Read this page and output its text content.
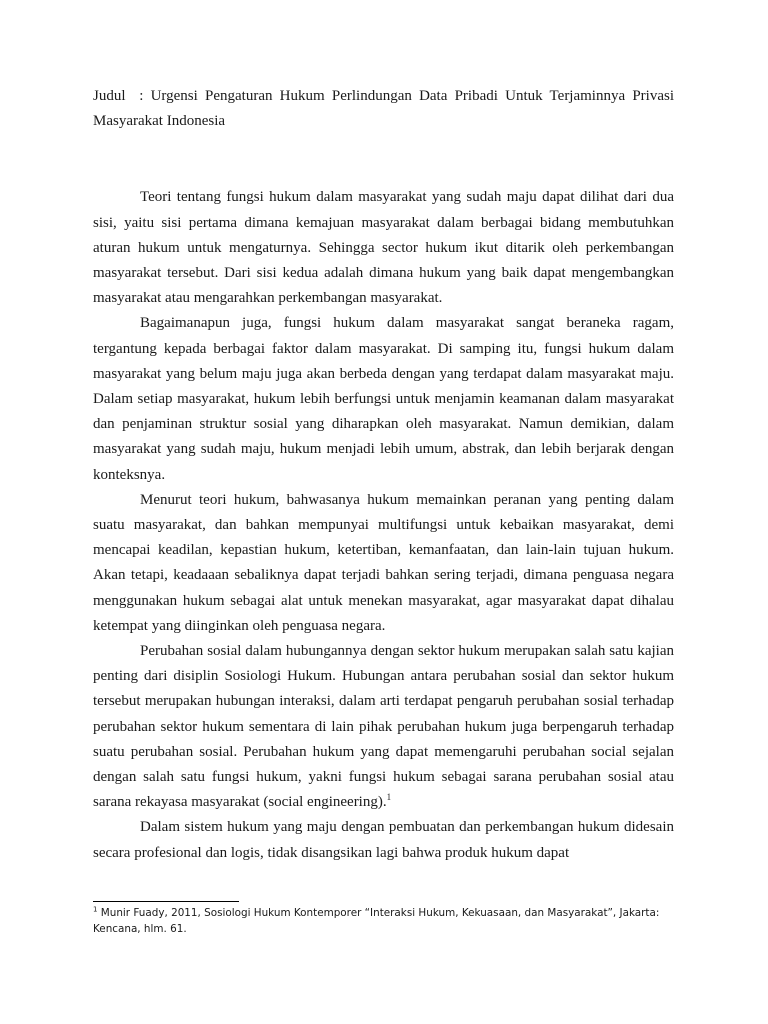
Judul : Urgensi Pengaturan Hukum Perlindungan Data Pribadi Untuk Terjaminnya Privasi Masyarakat Indonesia

Teori tentang fungsi hukum dalam masyarakat yang sudah maju dapat dilihat dari dua sisi, yaitu sisi pertama dimana kemajuan masyarakat dalam berbagai bidang membutuhkan aturan hukum untuk mengaturnya. Sehingga sector hukum ikut ditarik oleh perkembangan masyarakat tersebut. Dari sisi kedua adalah dimana hukum yang baik dapat mengembangkan masyarakat atau mengarahkan perkembangan masyarakat.

Bagaimanapun juga, fungsi hukum dalam masyarakat sangat beraneka ragam, tergantung kepada berbagai faktor dalam masyarakat. Di samping itu, fungsi hukum dalam masyarakat yang belum maju juga akan berbeda dengan yang terdapat dalam masyarakat maju. Dalam setiap masyarakat, hukum lebih berfungsi untuk menjamin keamanan dalam masyarakat dan penjaminan struktur sosial yang diharapkan oleh masyarakat. Namun demikian, dalam masyarakat yang sudah maju, hukum menjadi lebih umum, abstrak, dan lebih berjarak dengan konteksnya.

Menurut teori hukum, bahwasanya hukum memainkan peranan yang penting dalam suatu masyarakat, dan bahkan mempunyai multifungsi untuk kebaikan masyarakat, demi mencapai keadilan, kepastian hukum, ketertiban, kemanfaatan, dan lain-lain tujuan hukum. Akan tetapi, keadaaan sebaliknya dapat terjadi bahkan sering terjadi, dimana penguasa negara menggunakan hukum sebagai alat untuk menekan masyarakat, agar masyarakat dapat dihalau ketempat yang diinginkan oleh penguasa negara.

Perubahan sosial dalam hubungannya dengan sektor hukum merupakan salah satu kajian penting dari disiplin Sosiologi Hukum. Hubungan antara perubahan sosial dan sektor hukum tersebut merupakan hubungan interaksi, dalam arti terdapat pengaruh perubahan sosial terhadap perubahan sektor hukum sementara di lain pihak perubahan hukum juga berpengaruh terhadap suatu perubahan sosial. Perubahan hukum yang dapat memengaruhi perubahan social sejalan dengan salah satu fungsi hukum, yakni fungsi hukum sebagai sarana perubahan sosial atau sarana rekayasa masyarakat (social engineering).$^1$

Dalam sistem hukum yang maju dengan pembuatan dan perkembangan hukum didesain secara profesional dan logis, tidak disangsikan lagi bahwa produk hukum dapat

$^1$ Munir Fuady, 2011, Sosiologi Hukum Kontemporer “Interaksi Hukum, Kekuasaan, dan Masyarakat”, Jakarta: Kencana, hlm. 61.
